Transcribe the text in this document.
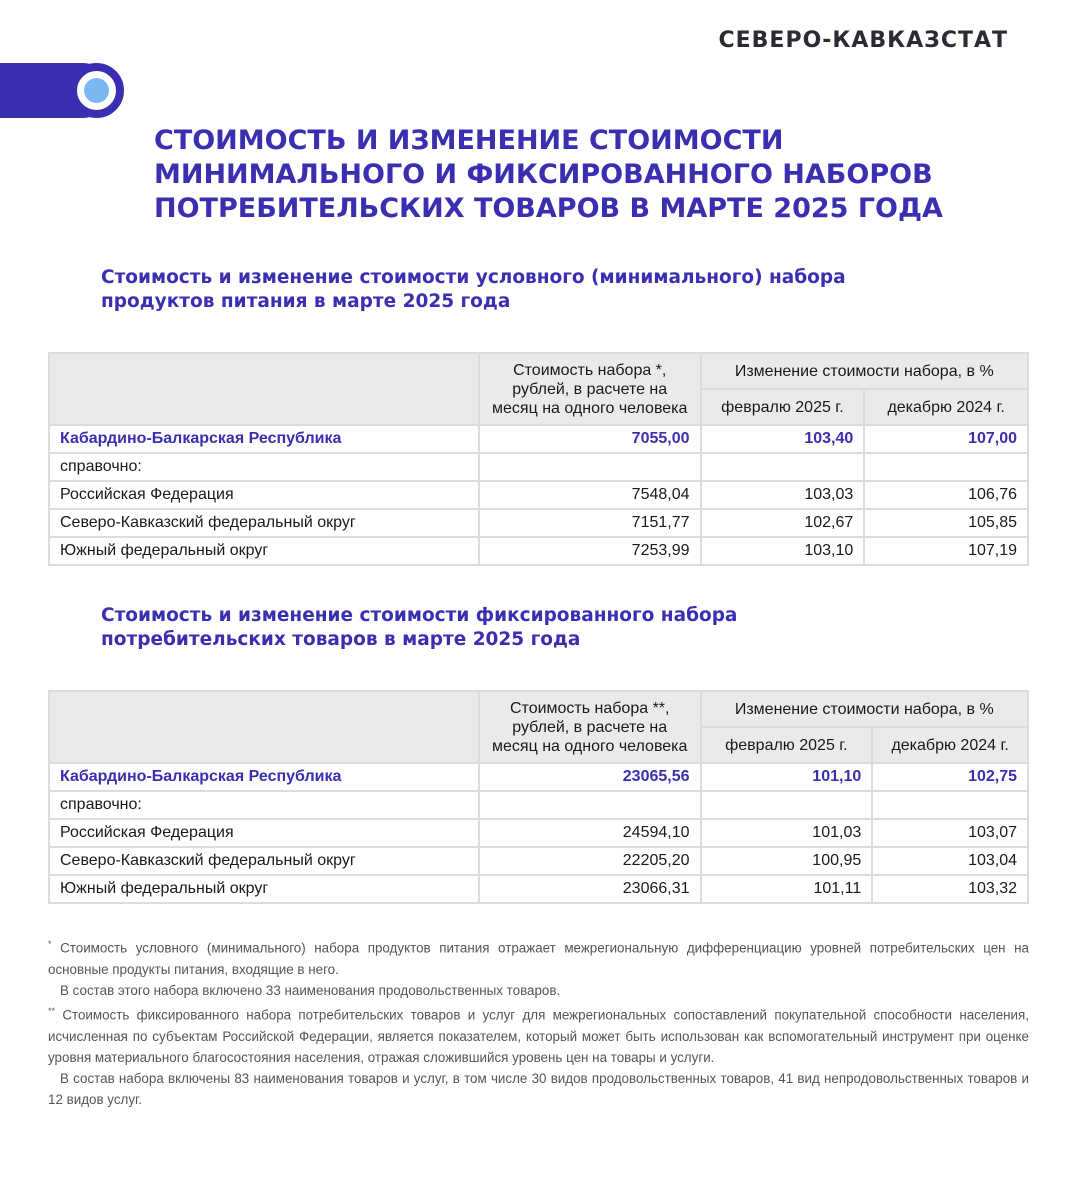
СЕВЕРО-КАВКАЗСТАТ
СТОИМОСТЬ И ИЗМЕНЕНИЕ СТОИМОСТИ
МИНИМАЛЬНОГО И ФИКСИРОВАННОГО НАБОРОВ
ПОТРЕБИТЕЛЬСКИХ ТОВАРОВ В МАРТЕ 2025 ГОДА
Стоимость и изменение стоимости условного (минимального) набора
продуктов питания в марте 2025 года
	Стоимость набора *, рублей, в расчете на месяц на одного человека	Изменение стоимости набора, в %	
		февралю 2025 г.	декабрю 2024 г.
Кабардино-Балкарская Республика	7055,00	103,40	107,00
справочно:			
Российская Федерация	7548,04	103,03	106,76
Северо-Кавказский федеральный округ	7151,77	102,67	105,85
Южный федеральный округ	7253,99	103,10	107,19
Стоимость и изменение стоимости фиксированного набора
потребительских товаров в марте 2025 года
	Стоимость набора **, рублей, в расчете на месяц на одного человека	Изменение стоимости набора, в %	
		февралю 2025 г.	декабрю 2024 г.
Кабардино-Балкарская Республика	23065,56	101,10	102,75
справочно:			
Российская Федерация	24594,10	101,03	103,07
Северо-Кавказский федеральный округ	22205,20	100,95	103,04
Южный федеральный округ	23066,31	101,11	103,32

* Стоимость условного (минимального) набора продуктов питания отражает межрегиональную дифференциацию уровней потребительских цен на основные продукты питания, входящие в него.

В состав этого набора включено 33 наименования продовольственных товаров.

** Стоимость фиксированного набора потребительских товаров и услуг для межрегиональных сопоставлений покупательной способности населения, исчисленная по субъектам Российской Федерации, является показателем, который может быть использован как вспомогательный инструмент при оценке уровня материального благосостояния населения, отражая сложившийся уровень цен на товары и услуги.

В состав набора включены 83 наименования товаров и услуг, в том числе 30 видов продовольственных товаров, 41 вид непродовольственных товаров и 12 видов услуг.
